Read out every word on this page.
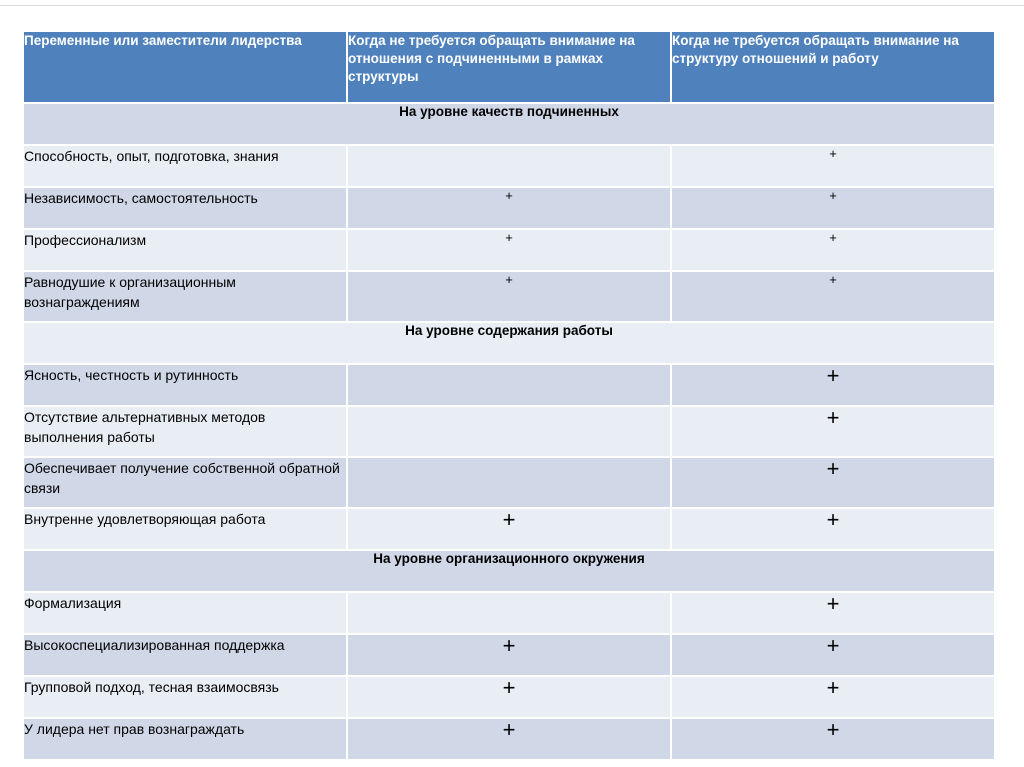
Переменные или заместители лидерства	Когда не требуется обращать внимание на отношения с подчиненными в рамках структуры	Когда не требуется обращать внимание на структуру отношений и работу
На уровне качеств подчиненных		
Способность, опыт, подготовка, знания		+
Независимость, самостоятельность	+	+
Профессионализм	+	+
Равнодушие к организационным вознаграждениям	+	+
На уровне содержания работы		
Ясность, честность и рутинность		+
Отсутствие альтернативных методов выполнения работы		+
Обеспечивает получение собственной обратной связи		+
Внутренне удовлетворяющая работа	+	+
На уровне организационного окружения		
Формализация		+
Высокоспециализированная поддержка	+	+
Групповой подход, тесная взаимосвязь	+	+
У лидера нет прав вознаграждать	+	+
